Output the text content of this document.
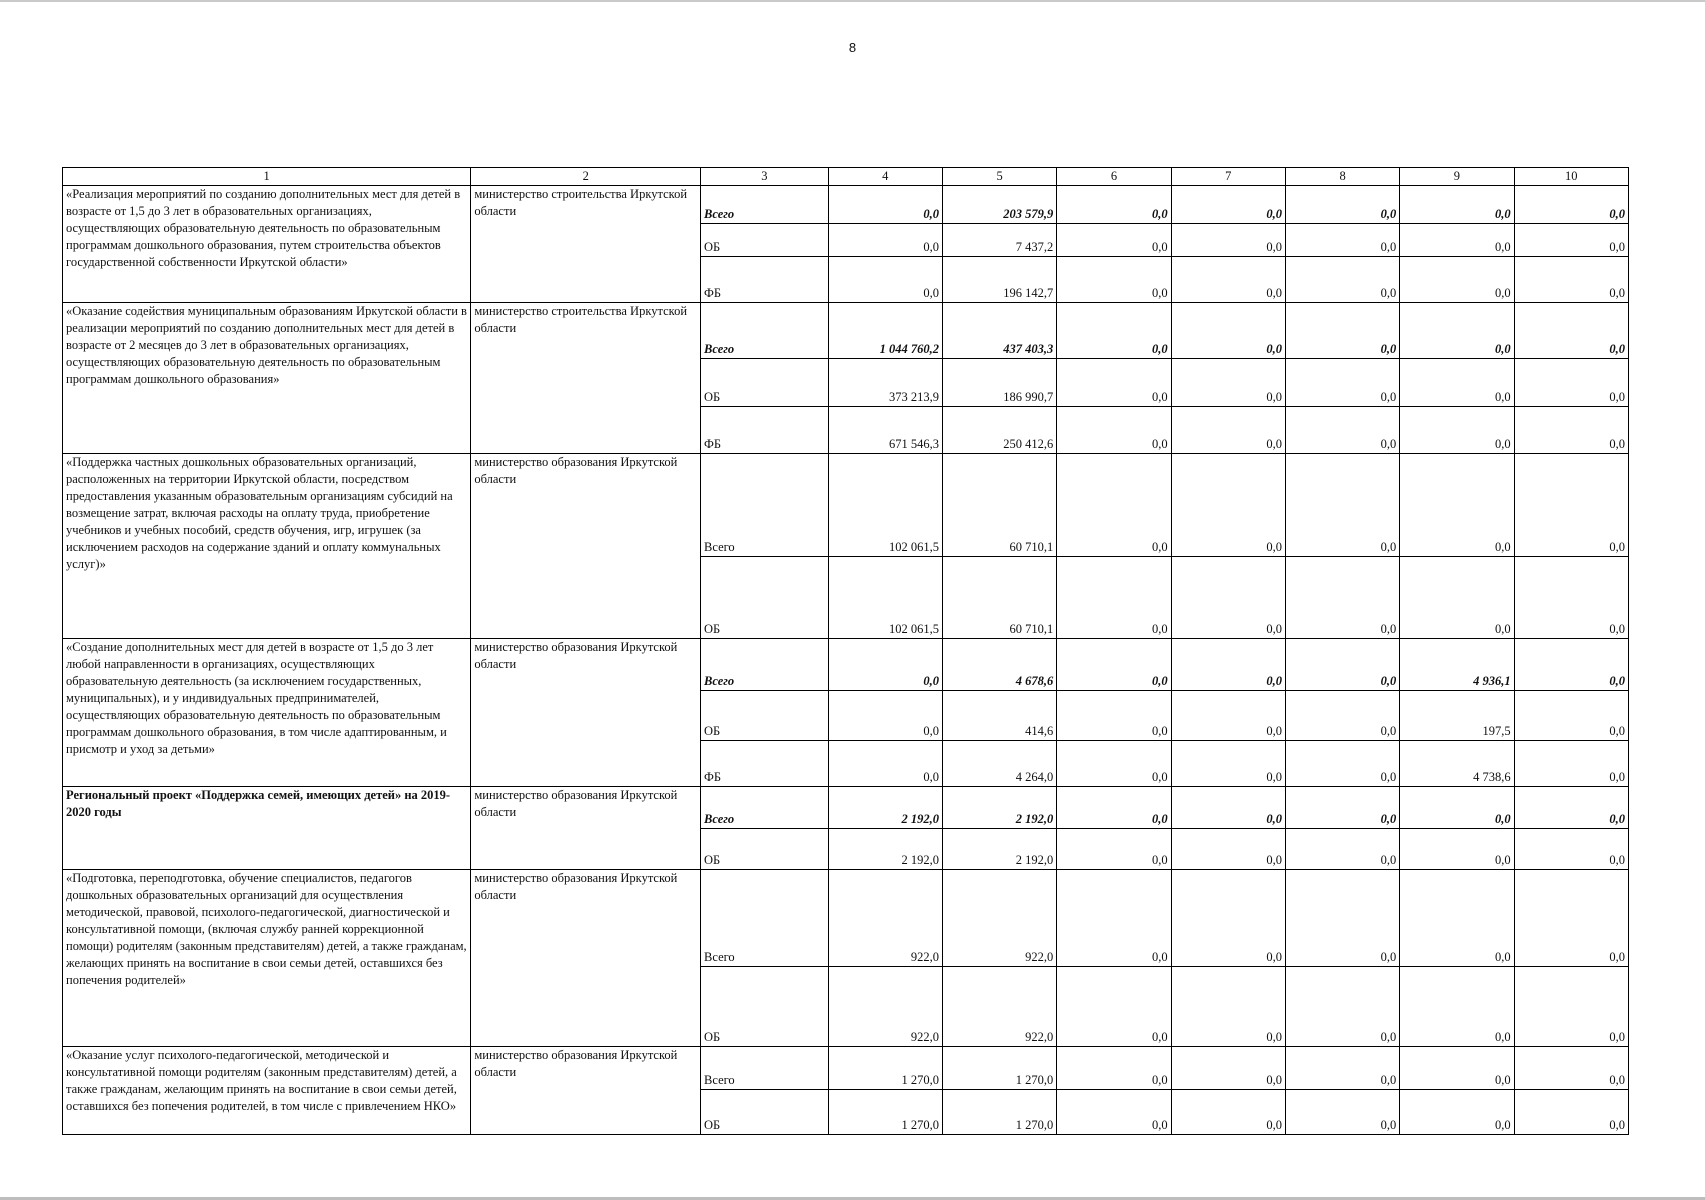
8
1	2	3	4	5	6	7	8	9	10
«Реализация мероприятий по созданию дополнительных мест для детей в возрасте от 1,5 до 3 лет в образовательных организациях, осуществляющих образовательную деятельность по образовательным программам дошкольного образования, путем строительства объектов государственной собственности Иркутской области»	министерство строительства Иркутской области	Всего	0,0	203 579,9	0,0	0,0	0,0	0,0	0,0
		ОБ	0,0	7 437,2	0,0	0,0	0,0	0,0	0,0
		ФБ	0,0	196 142,7	0,0	0,0	0,0	0,0	0,0
«Оказание содействия муниципальным образованиям Иркутской области в реализации мероприятий по созданию дополнительных мест для детей в возрасте от 2 месяцев до 3 лет в образовательных организациях, осуществляющих образовательную деятельность по образовательным программам дошкольного образования»	министерство строительства Иркутской области	Всего	1 044 760,2	437 403,3	0,0	0,0	0,0	0,0	0,0
		ОБ	373 213,9	186 990,7	0,0	0,0	0,0	0,0	0,0
		ФБ	671 546,3	250 412,6	0,0	0,0	0,0	0,0	0,0
«Поддержка частных дошкольных образовательных организаций, расположенных на территории Иркутской области, посредством предоставления указанным образовательным организациям субсидий на возмещение затрат, включая расходы на оплату труда, приобретение учебников и учебных пособий, средств обучения, игр, игрушек (за исключением расходов на содержание зданий и оплату коммунальных услуг)»	министерство образования Иркутской области	Всего	102 061,5	60 710,1	0,0	0,0	0,0	0,0	0,0
		ОБ	102 061,5	60 710,1	0,0	0,0	0,0	0,0	0,0
«Создание дополнительных мест для детей в возрасте от 1,5 до 3 лет любой направленности в организациях, осуществляющих образовательную деятельность (за исключением государственных, муниципальных), и у индивидуальных предпринимателей, осуществляющих образовательную деятельность по образовательным программам дошкольного образования, в том числе адаптированным, и присмотр и уход за детьми»	министерство образования Иркутской области	Всего	0,0	4 678,6	0,0	0,0	0,0	4 936,1	0,0
		ОБ	0,0	414,6	0,0	0,0	0,0	197,5	0,0
		ФБ	0,0	4 264,0	0,0	0,0	0,0	4 738,6	0,0
Региональный проект «Поддержка семей, имеющих детей» на 2019-2020 годы	министерство образования Иркутской области	Всего	2 192,0	2 192,0	0,0	0,0	0,0	0,0	0,0
		ОБ	2 192,0	2 192,0	0,0	0,0	0,0	0,0	0,0
«Подготовка, переподготовка, обучение специалистов, педагогов дошкольных образовательных организаций для осуществления методической, правовой, психолого-педагогической, диагностической и консультативной помощи, (включая службу ранней коррекционной помощи) родителям (законным представителям) детей, а также гражданам, желающих принять на воспитание в свои семьи детей, оставшихся без попечения родителей»	министерство образования Иркутской области	Всего	922,0	922,0	0,0	0,0	0,0	0,0	0,0
		ОБ	922,0	922,0	0,0	0,0	0,0	0,0	0,0
«Оказание услуг психолого-педагогической, методической и консультативной помощи родителям (законным представителям) детей, а также гражданам, желающим принять на воспитание в свои семьи детей, оставшихся без попечения родителей, в том числе с привлечением НКО»	министерство образования Иркутской области	Всего	1 270,0	1 270,0	0,0	0,0	0,0	0,0	0,0
		ОБ	1 270,0	1 270,0	0,0	0,0	0,0	0,0	0,0
